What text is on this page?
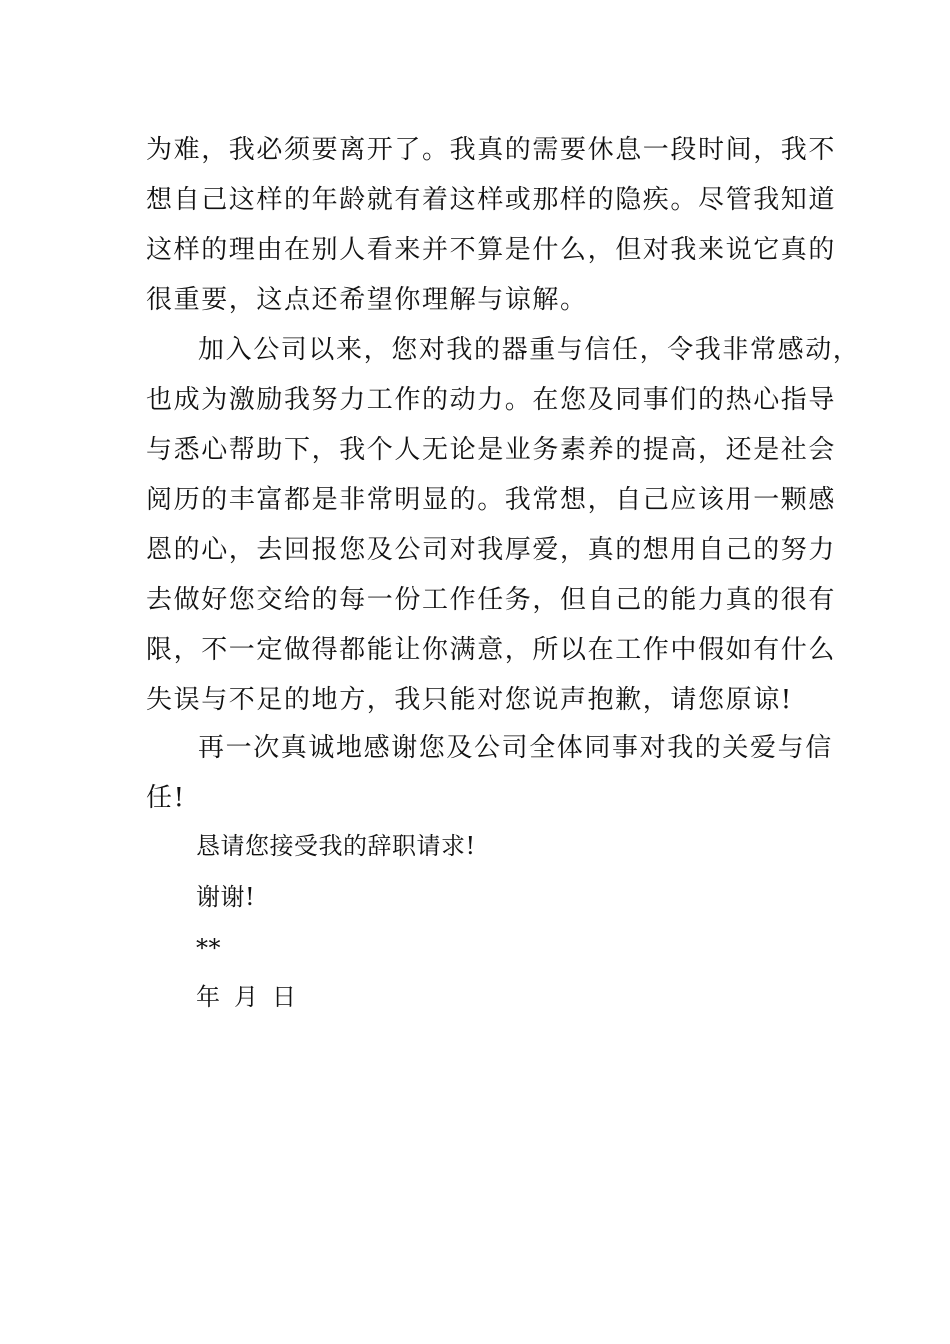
为难，我必须要离开了。我真的需要休息一段时间，我不
想自己这样的年龄就有着这样或那样的隐疾。尽管我知道
这样的理由在别人看来并不算是什么，但对我来说它真的
很重要，这点还希望你理解与谅解。
加入公司以来，您对我的器重与信任，令我非常感动，
也成为激励我努力工作的动力。在您及同事们的热心指导
与悉心帮助下，我个人无论是业务素养的提高，还是社会
阅历的丰富都是非常明显的。我常想，自己应该用一颗感
恩的心，去回报您及公司对我厚爱，真的想用自己的努力
去做好您交给的每一份工作任务，但自己的能力真的很有
限，不一定做得都能让你满意，所以在工作中假如有什么
失误与不足的地方，我只能对您说声抱歉，请您原谅!
再一次真诚地感谢您及公司全体同事对我的关爱与信
任!
恳请您接受我的辞职请求!
谢谢!
**
年 月 日
